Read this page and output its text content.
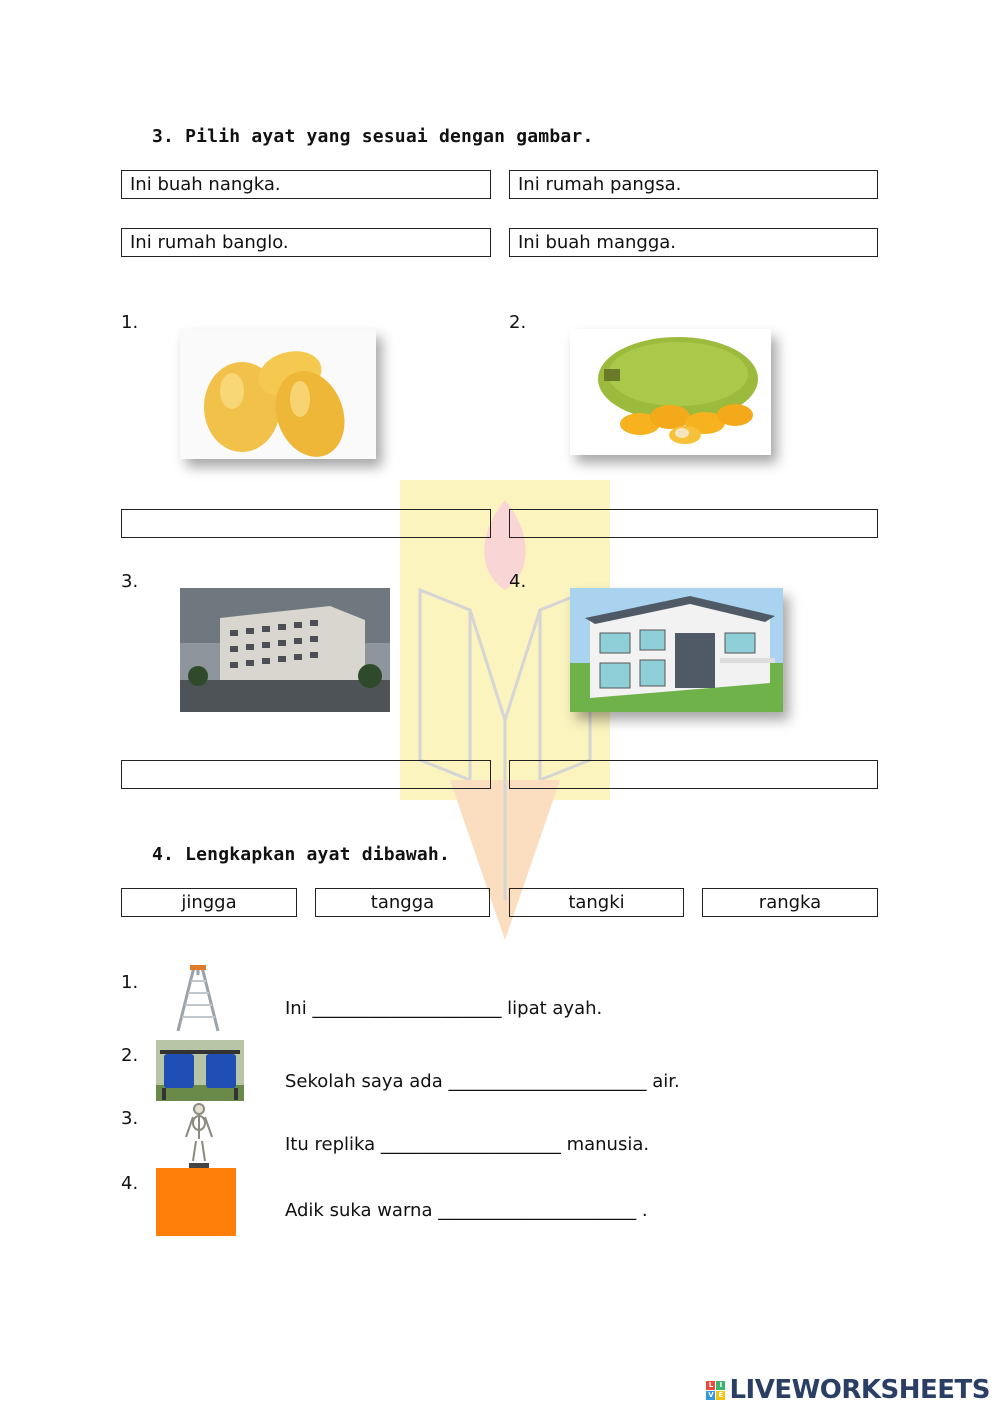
3. Pilih ayat yang sesuai dengan gambar.
Ini buah nangka.	Ini rumah pangsa.
Ini rumah banglo.	Ini buah mangga.
1.	2.
3.	4.
4. Lengkapkan ayat dibawah.
jingga	tangga	tangki	rangka
1.
Ini _____________________ lipat ayah.
2.
Sekolah saya ada ______________________ air.
3.
Itu replika ____________________ manusia.
4.
Adik suka warna ______________________ .
L I
V E LIVEWORKSHEETS
